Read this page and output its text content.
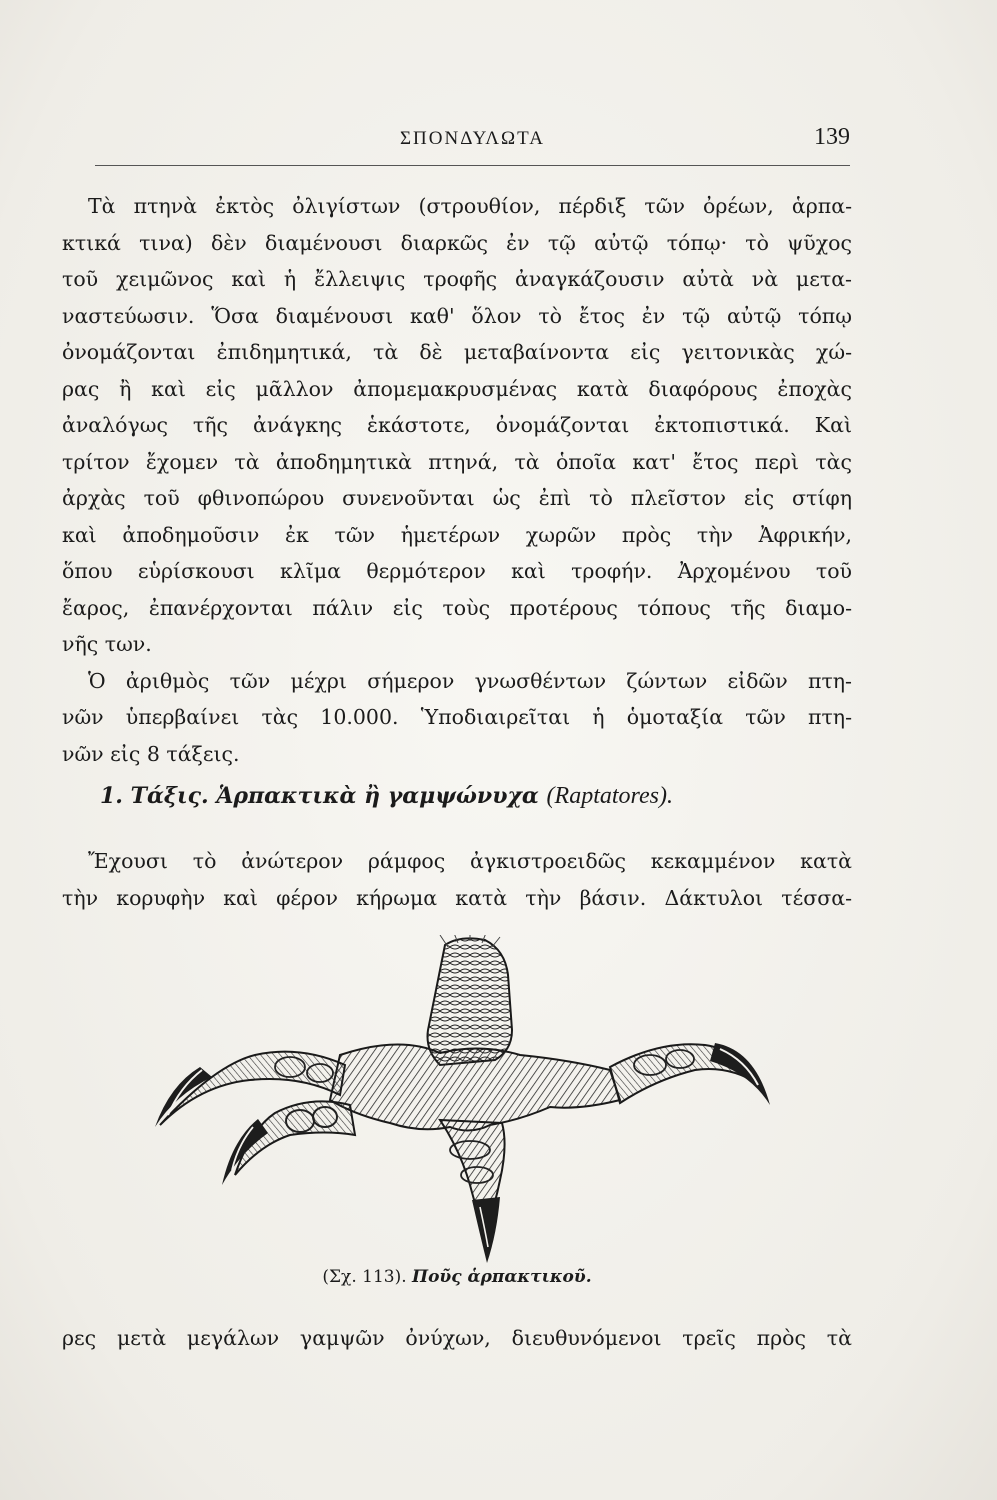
ΣΠΟΝΔΥΛΩΤΑ	139
Τὰ πτηνὰ ἐκτὸς ὀλιγίστων (στρουθίον, πέρδιξ τῶν ὀρέων, ἁρπα-
κτικά τινα) δὲν διαμένουσι διαρκῶς ἐν τῷ αὐτῷ τόπῳ· τὸ ψῦχος
τοῦ χειμῶνος καὶ ἡ ἔλλειψις τροφῆς ἀναγκάζουσιν αὐτὰ νὰ μετα-
ναστεύωσιν. Ὅσα διαμένουσι καθ' ὅλον τὸ ἔτος ἐν τῷ αὐτῷ τόπῳ
ὀνομάζονται ἐπιδημητικά, τὰ δὲ μεταβαίνοντα εἰς γειτονικὰς χώ-
ρας ἢ καὶ εἰς μᾶλλον ἀπομεμακρυσμένας κατὰ διαφόρους ἐποχὰς
ἀναλόγως τῆς ἀνάγκης ἑκάστοτε, ὀνομάζονται ἐκτοπιστικά. Καὶ
τρίτον ἔχομεν τὰ ἀποδημητικὰ πτηνά, τὰ ὁποῖα κατ' ἔτος περὶ τὰς
ἀρχὰς τοῦ φθινοπώρου συνενοῦνται ὡς ἐπὶ τὸ πλεῖστον εἰς στίφη
καὶ ἀποδημοῦσιν ἐκ τῶν ἡμετέρων χωρῶν πρὸς τὴν Ἀφρικήν,
ὅπου εὑρίσκουσι κλῖμα θερμότερον καὶ τροφήν. Ἀρχομένου τοῦ
ἔαρος, ἐπανέρχονται πάλιν εἰς τοὺς προτέρους τόπους τῆς διαμο-
νῆς των.
Ὁ ἀριθμὸς τῶν μέχρι σήμερον γνωσθέντων ζώντων εἰδῶν πτη-
νῶν ὑπερβαίνει τὰς 10.000. Ὑποδιαιρεῖται ἡ ὁμοταξία τῶν πτη-
νῶν εἰς 8 τάξεις.
1. Τάξις. Ἁρπακτικὰ ἢ γαμψώνυχα (Raptatores).
Ἔχουσι τὸ ἀνώτερον ράμφος ἀγκιστροειδῶς κεκαμμένον κατὰ
τὴν κορυφὴν καὶ φέρον κήρωμα κατὰ τὴν βάσιν. Δάκτυλοι τέσσα-
(Σχ. 113). Ποῦς ἁρπακτικοῦ.
ρες μετὰ μεγάλων γαμψῶν ὀνύχων, διευθυνόμενοι τρεῖς πρὸς τὰ
